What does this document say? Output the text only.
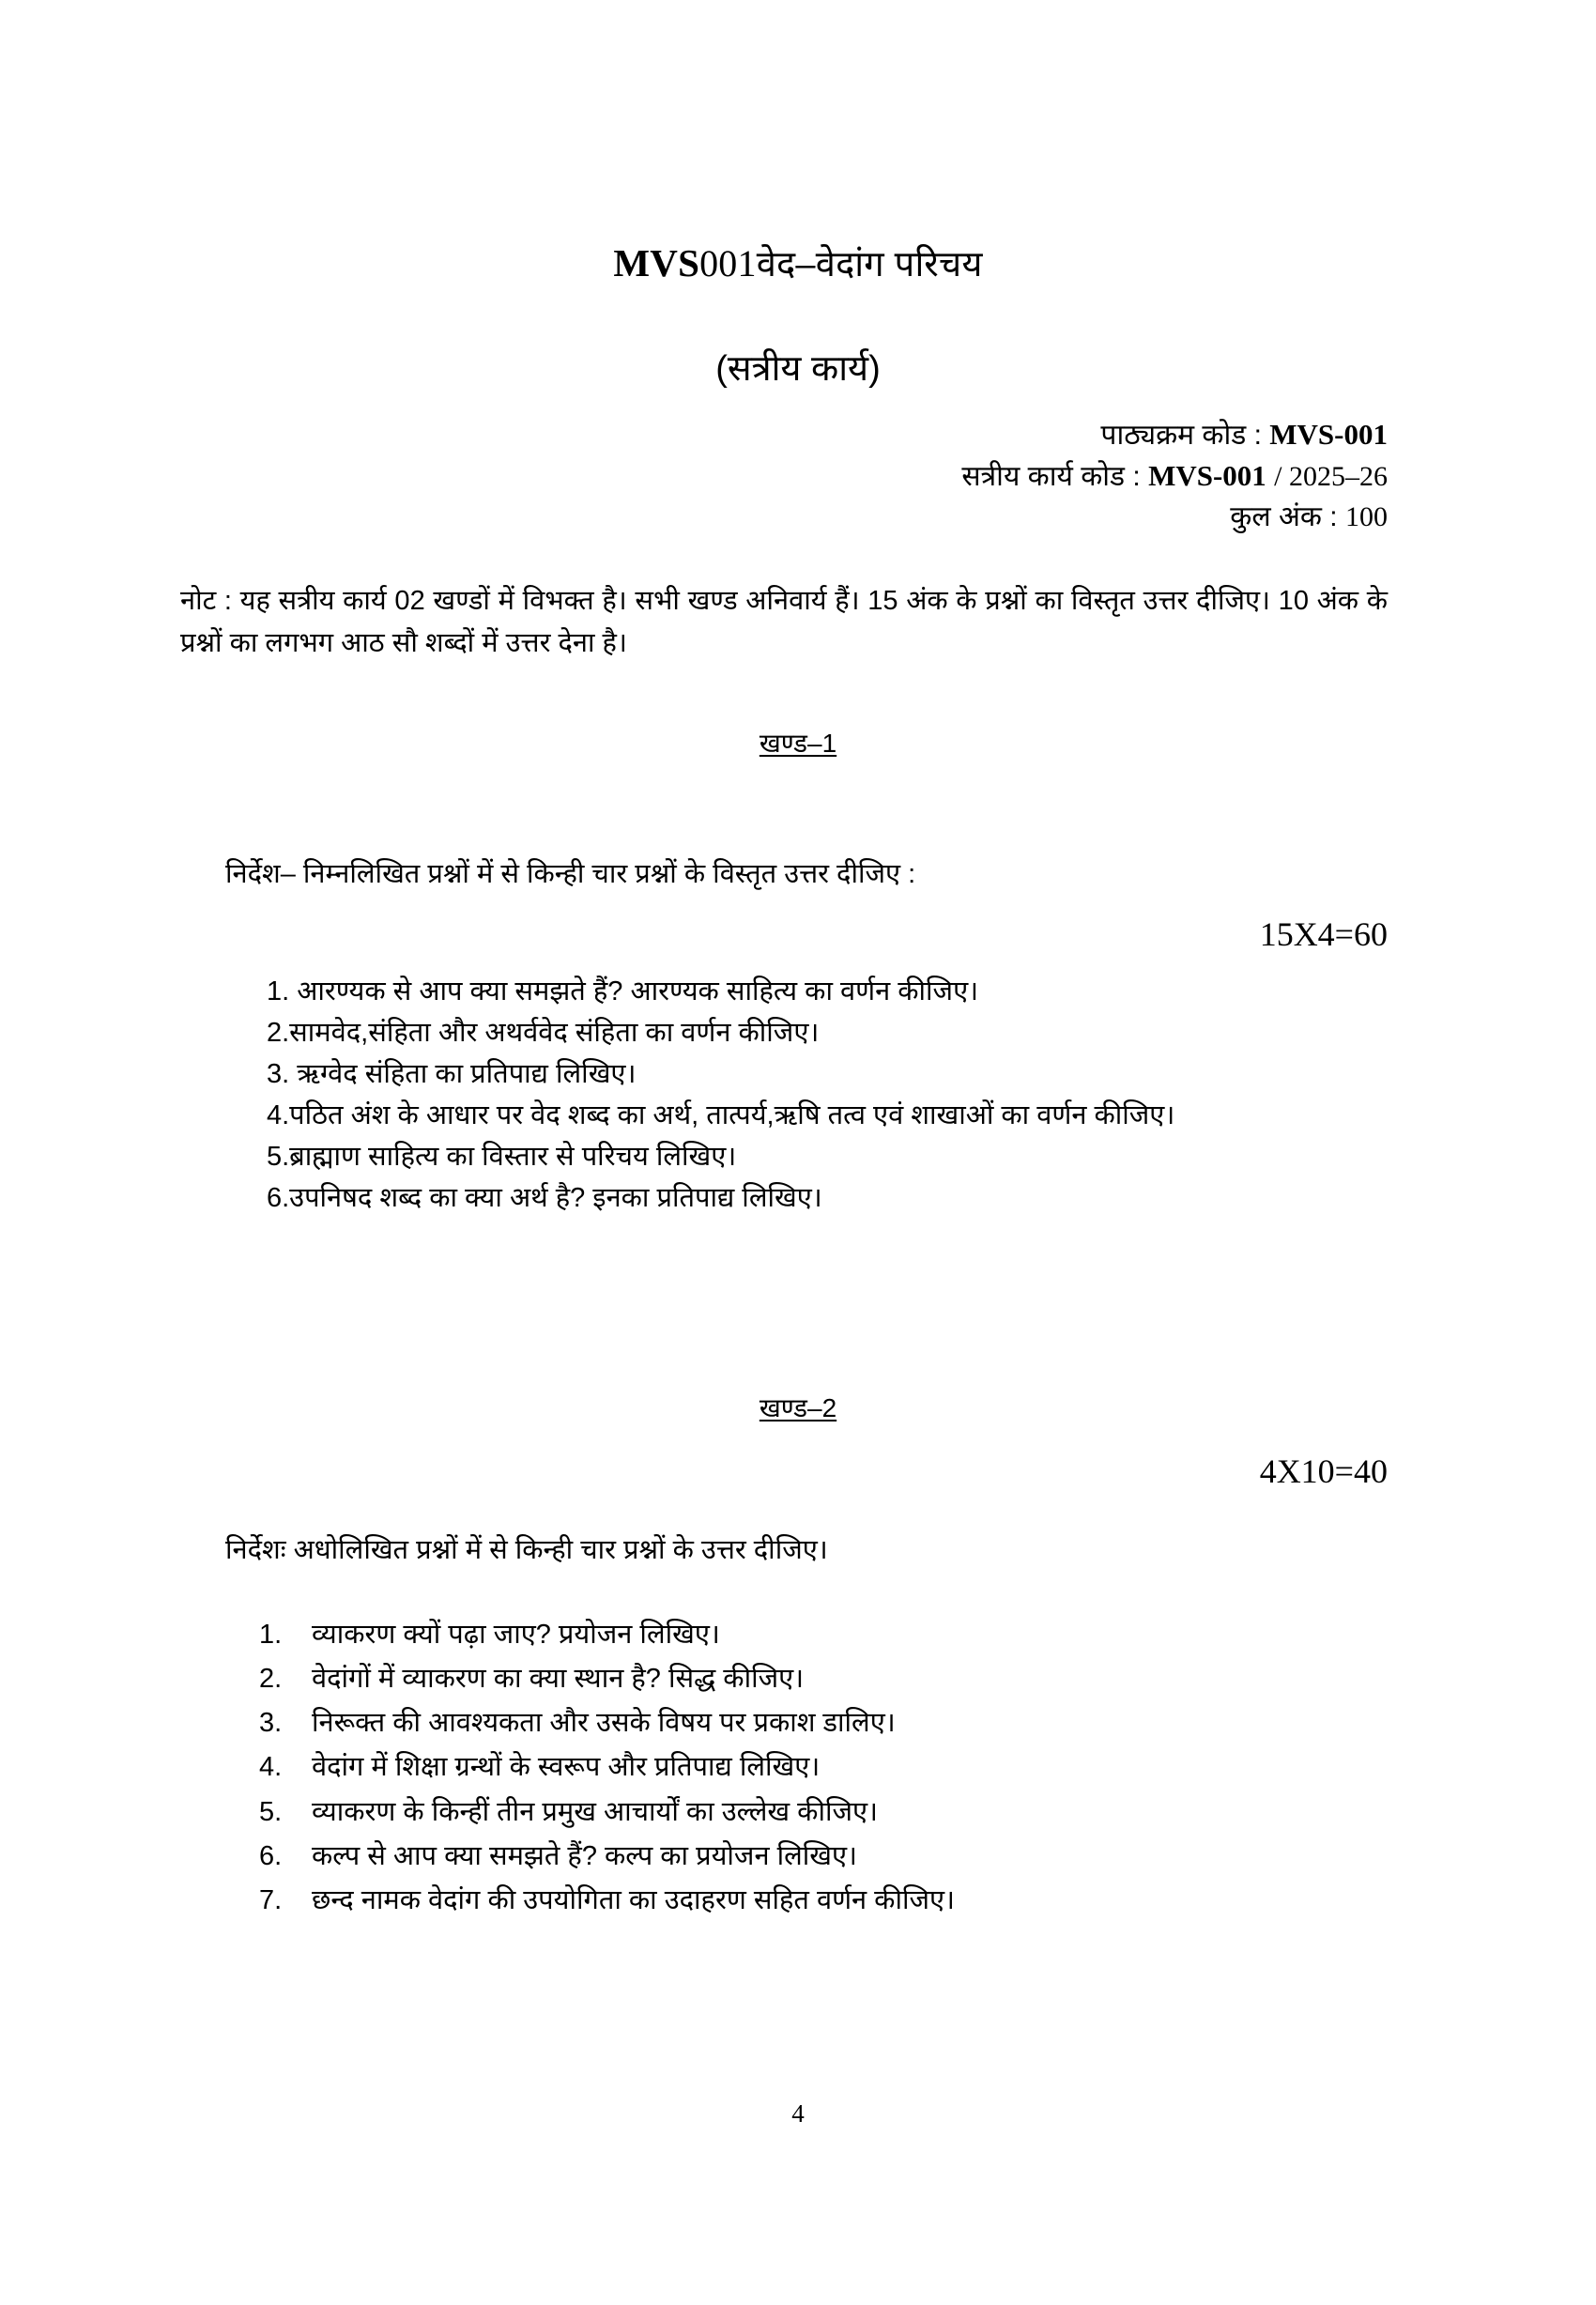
MVS001वेद–वेदांग परिचय
(सत्रीय कार्य)
पाठ्यक्रम कोड : MVS-001
सत्रीय कार्य कोड : MVS-001 / 2025–26
कुल अंक : 100
नोट : यह सत्रीय कार्य 02 खण्डों में विभक्त है। सभी खण्ड अनिवार्य हैं। 15 अंक के प्रश्नों का विस्तृत उत्तर दीजिए। 10 अंक के प्रश्नों का लगभग आठ सौ शब्दों में उत्तर देना है।
खण्ड–1
निर्देश– निम्नलिखित प्रश्नों में से किन्ही चार प्रश्नों के विस्तृत उत्तर दीजिए :
15X4=60
1. आरण्यक से आप क्या समझते हैं? आरण्यक साहित्य का वर्णन कीजिए।
2.सामवेद,संहिता और अथर्ववेद संहिता का वर्णन कीजिए।
3. ऋग्वेद संहिता का प्रतिपाद्य लिखिए।
4.पठित अंश के आधार पर वेद शब्द का अर्थ, तात्पर्य,ऋषि तत्व एवं शाखाओं का वर्णन कीजिए।
5.ब्राह्माण साहित्य का विस्तार से परिचय लिखिए।
6.उपनिषद शब्द का क्या अर्थ है? इनका प्रतिपाद्य लिखिए।
खण्ड–2
4X10=40
निर्देशः अधोलिखित प्रश्नों में से किन्ही चार प्रश्नों के उत्तर दीजिए।
1.	व्याकरण क्यों पढ़ा जाए? प्रयोजन लिखिए।
2.	वेदांगों में व्याकरण का क्या स्थान है? सिद्ध कीजिए।
3.	निरूक्त की आवश्यकता और उसके विषय पर प्रकाश डालिए।
4.	वेदांग में शिक्षा ग्रन्थों के स्वरूप और प्रतिपाद्य लिखिए।
5.	व्याकरण के किन्हीं तीन प्रमुख आचार्यों का उल्लेख कीजिए।
6.	कल्प से आप क्या समझते हैं? कल्प का प्रयोजन लिखिए।
7.	छन्द नामक वेदांग की उपयोगिता का उदाहरण सहित वर्णन कीजिए।
4
